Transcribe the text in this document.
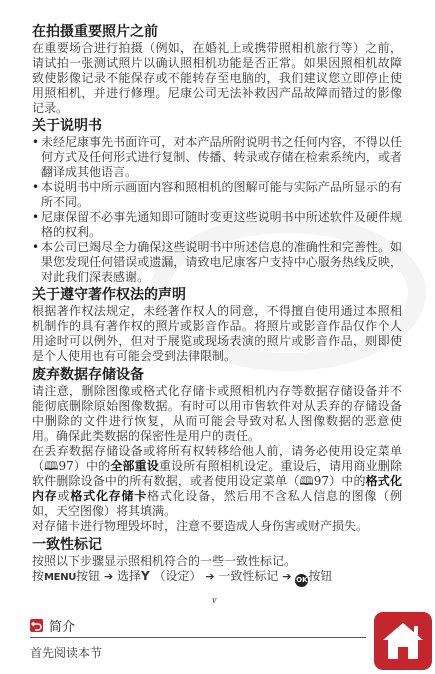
在拍摄重要照片之前

在重要场合进行拍摄（例如，在婚礼上或携带照相机旅行等）之前，请试拍一张测试照片以确认照相机功能是否正常。如果因照相机故障致使影像记录不能保存或不能转存至电脑的，我们建议您立即停止使用照相机，并进行修理。尼康公司无法补救因产品故障而错过的影像记录。

关于说明书
• 未经尼康事先书面许可，对本产品所附说明书之任何内容，不得以任何方式及任何形式进行复制、传播、转录或存储在检索系统内，或者翻译成其他语言。

• 本说明书中所示画面内容和照相机的图解可能与实际产品所显示的有所不同。

• 尼康保留不必事先通知即可随时变更这些说明书中所述软件及硬件规格的权利。

• 本公司已竭尽全力确保这些说明书中所述信息的准确性和完善性。如果您发现任何错误或遗漏，请致电尼康客户支持中心服务热线反映，对此我们深表感谢。

关于遵守著作权法的声明

根据著作权法规定，未经著作权人的同意，不得擅自使用通过本照相机制作的具有著作权的照片或影音作品。将照片或影音作品仅作个人用途时可以例外，但对于展览或现场表演的照片或影音作品，则即使是个人使用也有可能会受到法律限制。

废弃数据存储设备

请注意，删除图像或格式化存储卡或照相机内存等数据存储设备并不能彻底删除原始图像数据。有时可以用市售软件对从丢弃的存储设备中删除的文件进行恢复，从而可能会导致对私人图像数据的恶意使用。确保此类数据的保密性是用户的责任。

在丢弃数据存储设备或将所有权转移给他人前，请务必使用设定菜单（🕮97）中的全部重设重设所有照相机设定。重设后，请用商业删除软件删除设备中的所有数据，或者使用设定菜单（🕮97）中的格式化内存或格式化存储卡格式化设备，然后用不含私人信息的图像（例如，天空图像）将其填满。

对存储卡进行物理毁坏时，注意不要造成人身伤害或财产损失。

一致性标记

按照以下步骤显示照相机符合的一些一致性标记。

按MENU按钮 ➔ 选择Y （设定） ➔ 一致性标记 ➔ OK按钮

v
简介
首先阅读本节
